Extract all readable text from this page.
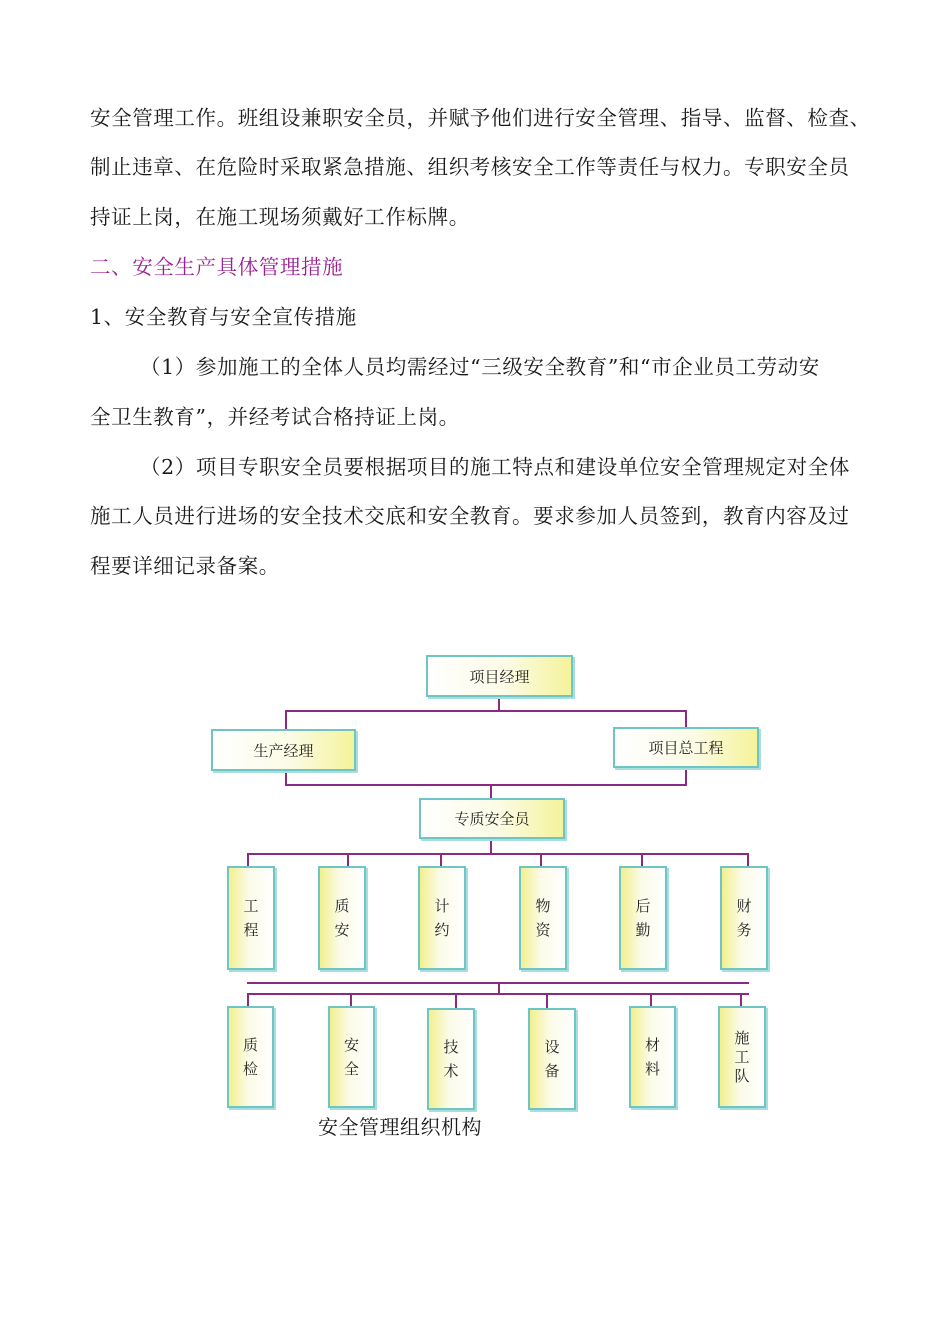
安全管理工作。班组设兼职安全员，并赋予他们进行安全管理、指导、监督、检查、
制止违章、在危险时采取紧急措施、组织考核安全工作等责任与权力。专职安全员
持证上岗，在施工现场须戴好工作标牌。
二、安全生产具体管理措施
1、安全教育与安全宣传措施
（1）参加施工的全体人员均需经过“三级安全教育”和“市企业员工劳动安
全卫生教育”，并经考试合格持证上岗。
（2）项目专职安全员要根据项目的施工特点和建设单位安全管理规定对全体
施工人员进行进场的安全技术交底和安全教育。要求参加人员签到，教育内容及过
程要详细记录备案。
项目经理
生产经理	项目总工程
专质安全员
工
程
质
安
计
约
物
资
后
勤
财
务
质
检
安
全
技
术
设
备
材
料
施
工
队
安全管理组织机构
